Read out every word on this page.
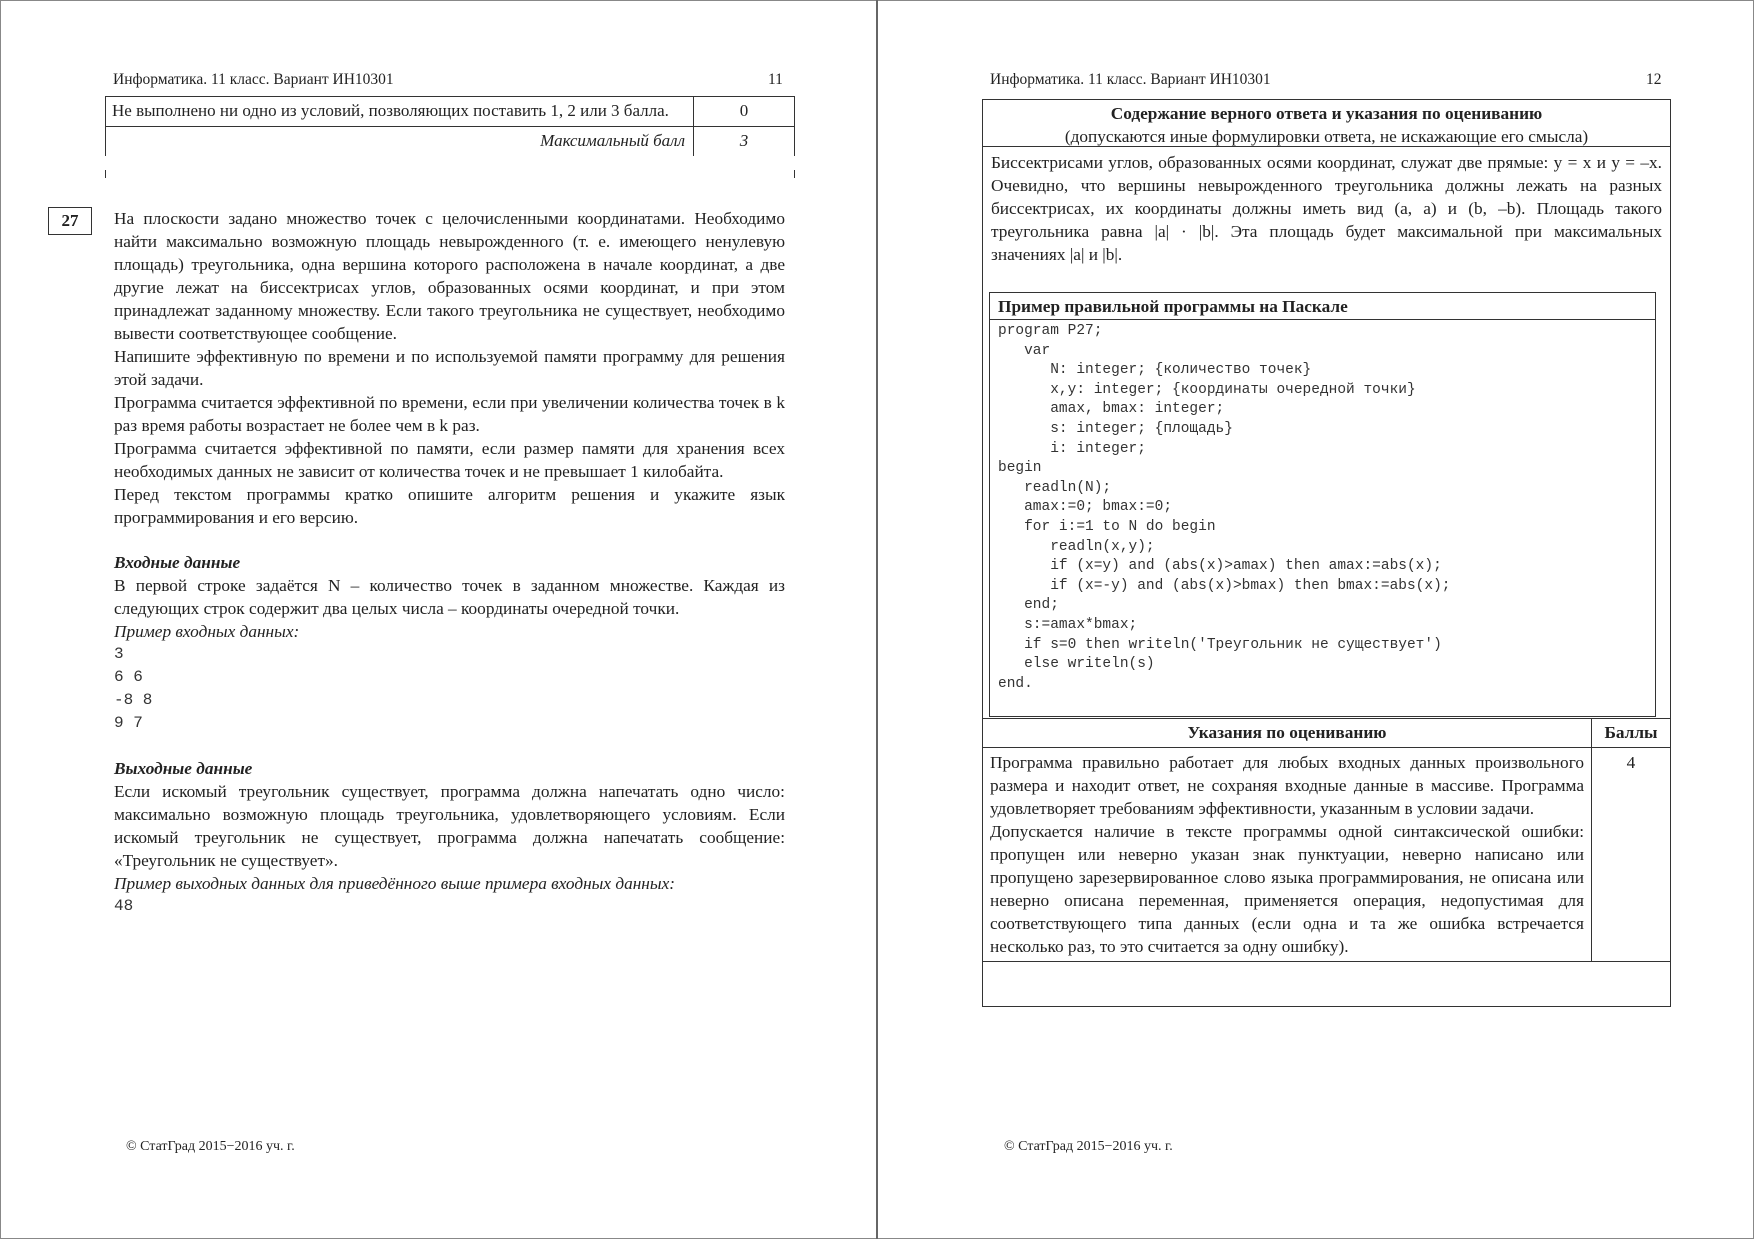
Информатика. 11 класс. Вариант ИН10301	11
Не выполнено ни одно из условий, позволяющих поставить 1, 2 или 3 балла.	0
Максимальный балл	3
27	На плоскости задано множество точек с целочисленными координатами. Необходимо найти максимально возможную площадь невырожденного (т. е. имеющего ненулевую площадь) треугольника, одна вершина которого расположена в начале координат, а две другие лежат на биссектрисах углов, образованных осями координат, и при этом принадлежат заданному множеству. Если такого треугольника не существует, необходимо вывести соответствующее сообщение.

Напишите эффективную по времени и по используемой памяти программу для решения этой задачи.

Программа считается эффективной по времени, если при увеличении количества точек в k раз время работы возрастает не более чем в k раз.

Программа считается эффективной по памяти, если размер памяти для хранения всех необходимых данных не зависит от количества точек и не превышает 1 килобайта.

Перед текстом программы кратко опишите алгоритм решения и укажите язык программирования и его версию.

Входные данные

В первой строке задаётся N – количество точек в заданном множестве. Каждая из следующих строк содержит два целых числа – координаты очередной точки.

Пример входных данных:

3
6 6
-8 8
9 7

Выходные данные

Если искомый треугольник существует, программа должна напечатать одно число: максимально возможную площадь треугольника, удовлетворяющего условиям. Если искомый треугольник не существует, программа должна напечатать сообщение: «Треугольник не существует».

Пример выходных данных для приведённого выше примера входных данных:

48
© СтатГрад 2015−2016 уч. г.
Информатика. 11 класс. Вариант ИН10301	12
© СтатГрад 2015−2016 уч. г.
Содержание верного ответа и указания по оцениванию
(допускаются иные формулировки ответа, не искажающие его смысла)
Биссектрисами углов, образованных осями координат, служат две прямые: y = x и y = –x. Очевидно, что вершины невырожденного треугольника должны лежать на разных биссектрисах, их координаты должны иметь вид (a, a) и (b, –b). Площадь такого треугольника равна |a| · |b|. Эта площадь будет максимальной при максимальных значениях |a| и |b|.
Пример правильной программы на Паскале
program P27;
var
N: integer; {количество точек}
x,y: integer; {координаты очередной точки}
amax, bmax: integer;
s: integer; {площадь}
i: integer;
begin
readln(N);
amax:=0; bmax:=0;
for i:=1 to N do begin
readln(x,y);
if (x=y) and (abs(x)>amax) then amax:=abs(x);
if (x=-y) and (abs(x)>bmax) then bmax:=abs(x);
end;
s:=amax*bmax;
if s=0 then writeln('Треугольник не существует')
else writeln(s)
end.
Указания по оцениванию	Баллы

Программа правильно работает для любых входных данных произвольного размера и находит ответ, не сохраняя входные данные в массиве. Программа удовлетворяет требованиям эффективности, указанным в условии задачи.
Допускается наличие в тексте программы одной синтаксической ошибки: пропущен или неверно указан знак пунктуации, неверно написано или пропущено зарезервированное слово языка программирования, не описана или неверно описана переменная, применяется операция, недопустимая для соответствующего типа данных (если одна и та же ошибка встречается несколько раз, то это считается за одну ошибку).	4
